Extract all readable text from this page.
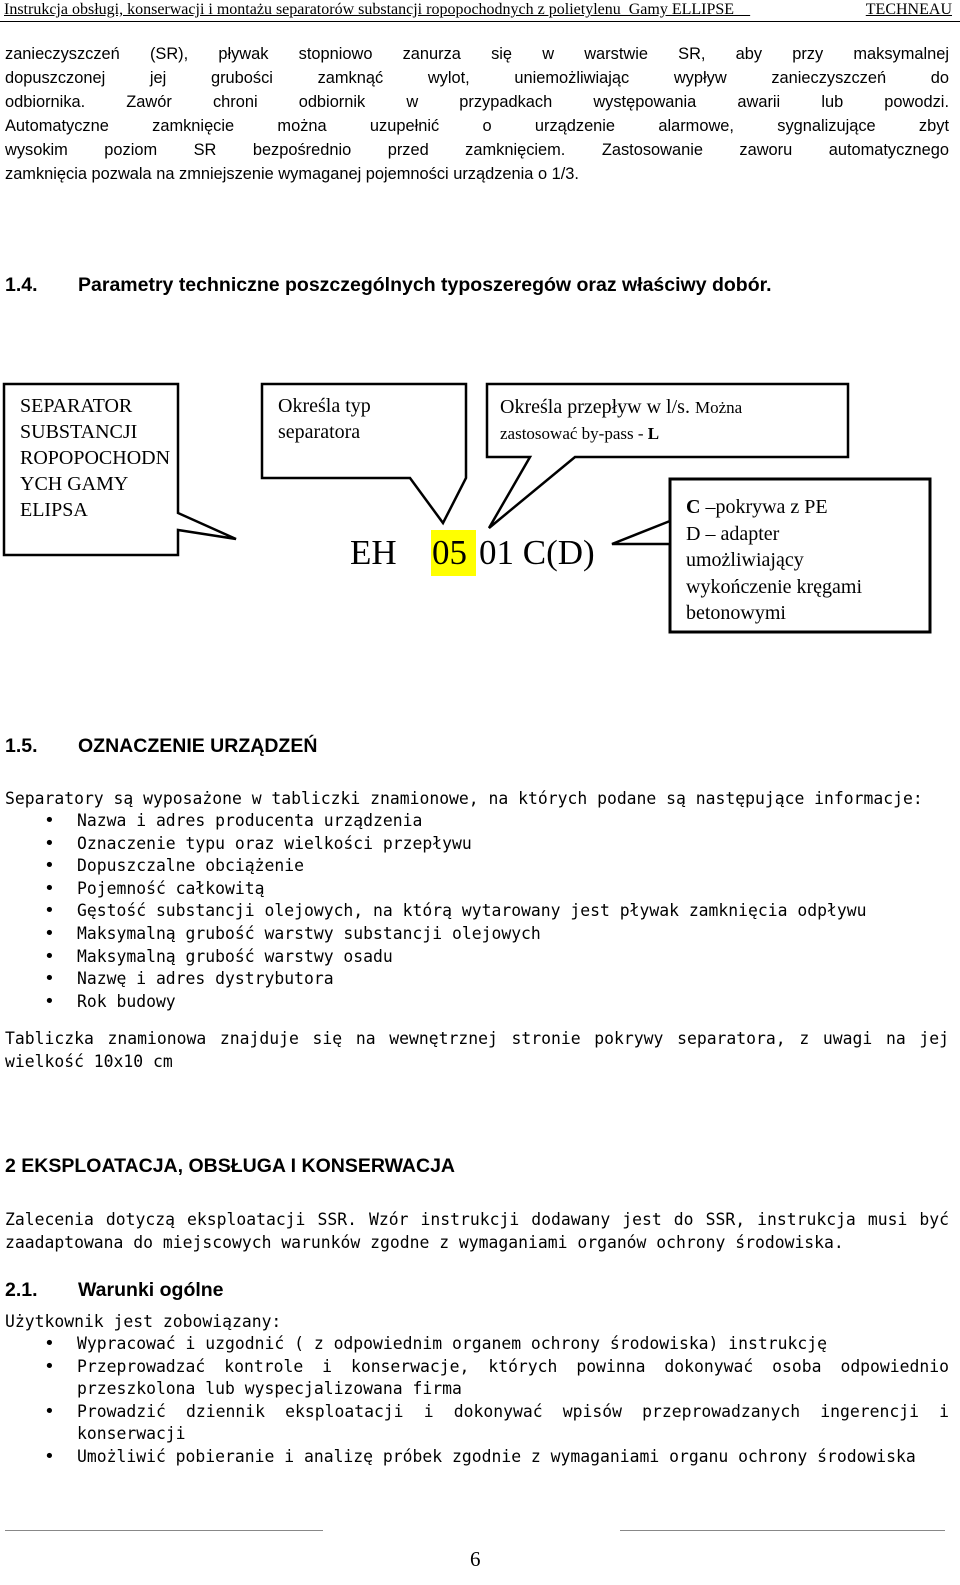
Instrukcja obsługi, konserwacji i montażu separatorów substancji ropopochodnych z polietylenu_Gamy ELLIPSE__	TECHNEAU
zanieczyszczeń (SR), pływak stopniowo zanurza się w warstwie SR, aby przy maksymalnej
dopuszczonej jej grubości zamknąć wylot, uniemożliwiając wypływ zanieczyszczeń do
odbiornika. Zawór chroni odbiornik w przypadkach występowania awarii lub powodzi.
Automatyczne zamknięcie można uzupełnić o urządzenie alarmowe, sygnalizujące zbyt
wysokim poziom SR bezpośrednio przed zamknięciem. Zastosowanie zaworu automatycznego
zamknięcia pozwala na zmniejszenie wymaganej pojemności urządzenia o 1/3.
1.4. Parametry techniczne poszczególnych typoszeregów oraz właściwy dobór.
SEPARATOR
SUBSTANCJI
ROPOPOCHODN
YCH GAMY
ELIPSA
Określa typ
separatora
Określa przepływ w l/s. Można
zastosować by-pass - L
EH 05 01 C(D)
C –pokrywa z PE
D – adapter
umożliwiający
wykończenie kręgami
betonowymi
1.5. OZNACZENIE URZĄDZEŃ
Separatory są wyposażone w tabliczki znamionowe, na których podane są następujące informacje:
• Nazwa i adres producenta urządzenia
• Oznaczenie typu oraz wielkości przepływu
• Dopuszczalne obciążenie
• Pojemność całkowitą
• Gęstość substancji olejowych, na którą wytarowany jest pływak zamknięcia odpływu
• Maksymalną grubość warstwy substancji olejowych
• Maksymalną grubość warstwy osadu
• Nazwę i adres dystrybutora
• Rok budowy
Tabliczka znamionowa znajduje się na wewnętrznej stronie pokrywy separatora, z uwagi na jej
wielkość 10x10 cm
2 EKSPLOATACJA, OBSŁUGA I KONSERWACJA
Zalecenia dotyczą eksploatacji SSR. Wzór instrukcji dodawany jest do SSR, instrukcja musi być
zaadaptowana do miejscowych warunków zgodne z wymaganiami organów ochrony środowiska.
2.1. Warunki ogólne
Użytkownik jest zobowiązany:
• Wypracować i uzgodnić ( z odpowiednim organem ochrony środowiska) instrukcję
• Przeprowadzać kontrole i konserwacje, których powinna dokonywać osoba odpowiednio
przeszkolona lub wyspecjalizowana firma
• Prowadzić dziennik eksploatacji i dokonywać wpisów przeprowadzanych ingerencji i
konserwacji
• Umożliwić pobieranie i analizę próbek zgodnie z wymaganiami organu ochrony środowiska
6
